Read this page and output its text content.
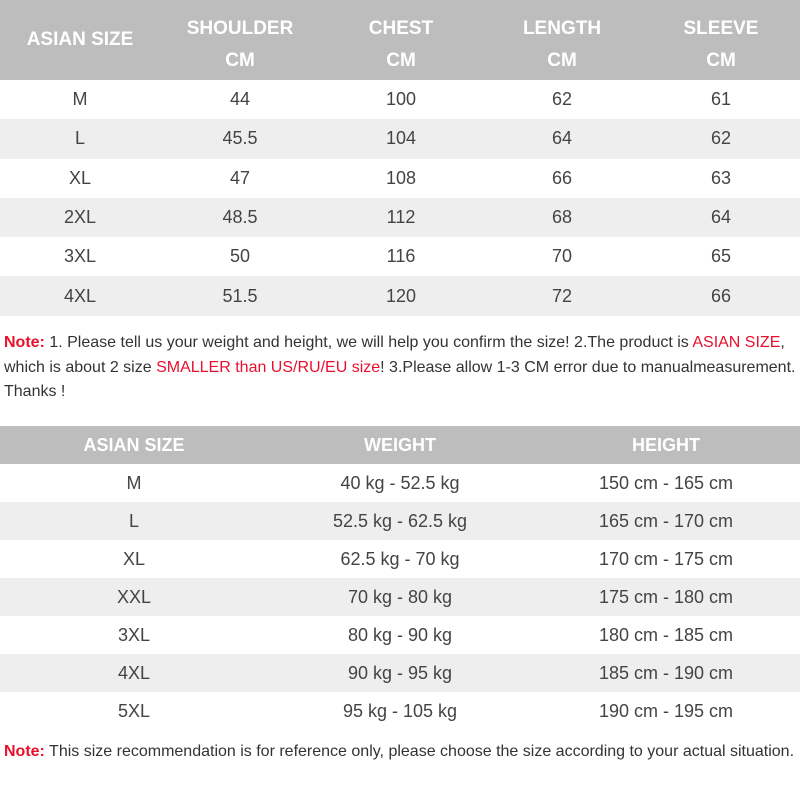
ASIAN SIZE	SHOULDER	CHEST	LENGTH	SLEEVE
	CM	CM	CM	CM
M	44	100	62	61
L	45.5	104	64	62
XL	47	108	66	63
2XL	48.5	112	68	64
3XL	50	116	70	65
4XL	51.5	120	72	66
Note: 1. Please tell us your weight and height, we will help you confirm the size! 2.The product is ASIAN SIZE, which is about 2 size SMALLER than US/RU/EU size! 3.Please allow 1-3 CM error due to manualmeasurement. Thanks !
ASIAN SIZE	WEIGHT	HEIGHT
M	40 kg - 52.5 kg	150 cm - 165 cm
L	52.5 kg - 62.5 kg	165 cm - 170 cm
XL	62.5 kg - 70 kg	170 cm - 175 cm
XXL	70 kg - 80 kg	175 cm - 180 cm
3XL	80 kg - 90 kg	180 cm - 185 cm
4XL	90 kg - 95 kg	185 cm - 190 cm
5XL	95 kg - 105 kg	190 cm - 195 cm
Note: This size recommendation is for reference only, please choose the size according to your actual situation.
